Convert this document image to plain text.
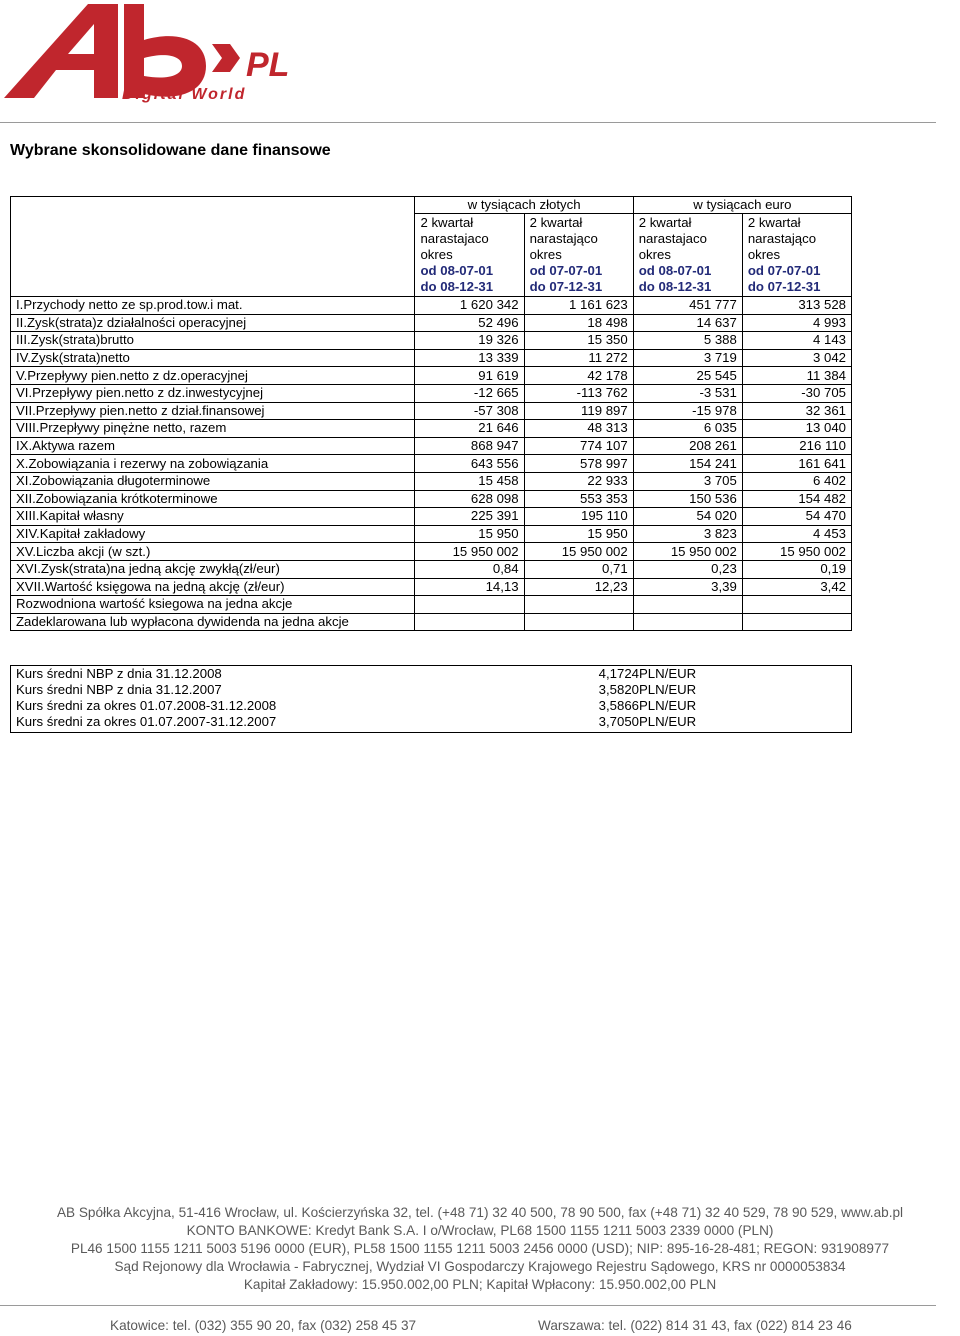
PL
Digital World
Wybrane skonsolidowane dane finansowe
	w tysiącach złotych		w tysiącach euro	

	2 kwartał
narastajaco
okres
od 08-07-01
do 08-12-31	2 kwartał
narastająco
okres
od 07-07-01
do 07-12-31	2 kwartał
narastajaco
okres
od 08-07-01
do 08-12-31	2 kwartał
narastająco
okres
od 07-07-01
do 07-12-31

I.Przychody netto ze sp.prod.tow.i mat.	1 620 342	1 161 623	451 777	313 528
II.Zysk(strata)z działalności operacyjnej	52 496	18 498	14 637	4 993
III.Zysk(strata)brutto	19 326	15 350	5 388	4 143
IV.Zysk(strata)netto	13 339	11 272	3 719	3 042
V.Przepływy pien.netto z dz.operacyjnej	91 619	42 178	25 545	11 384
VI.Przepływy pien.netto z dz.inwestycyjnej	-12 665	-113 762	-3 531	-30 705
VII.Przepływy pien.netto z dział.finansowej	-57 308	119 897	-15 978	32 361
VIII.Przepływy pinężne netto, razem	21 646	48 313	6 035	13 040
IX.Aktywa razem	868 947	774 107	208 261	216 110
X.Zobowiązania i rezerwy na zobowiązania	643 556	578 997	154 241	161 641
XI.Zobowiązania długoterminowe	15 458	22 933	3 705	6 402
XII.Zobowiązania krótkoterminowe	628 098	553 353	150 536	154 482
XIII.Kapitał własny	225 391	195 110	54 020	54 470
XIV.Kapitał zakładowy	15 950	15 950	3 823	4 453
XV.Liczba akcji (w szt.)	15 950 002	15 950 002	15 950 002	15 950 002
XVI.Zysk(strata)na jedną akcję zwykłą(zł/eur)	0,84	0,71	0,23	0,19
XVII.Wartość księgowa na jedną akcję (zł/eur)	14,13	12,23	3,39	3,42
Rozwodniona wartość ksiegowa na jedna akcje				
Zadeklarowana lub wypłacona dywidenda na jedna akcje				
Kurs średni NBP z dnia 31.12.2008	4,1724 PLN/EUR
Kurs średni NBP z dnia 31.12.2007	3,5820 PLN/EUR
Kurs średni za okres 01.07.2008-31.12.2008	3,5866 PLN/EUR
Kurs średni za okres 01.07.2007-31.12.2007	3,7050 PLN/EUR
AB Spółka Akcyjna, 51-416 Wrocław, ul. Kościerzyńska 32, tel. (+48 71) 32 40 500, 78 90 500, fax (+48 71) 32 40 529, 78 90 529, www.ab.pl
KONTO BANKOWE: Kredyt Bank S.A. I o/Wrocław, PL68 1500 1155 1211 5003 2339 0000 (PLN)
PL46 1500 1155 1211 5003 5196 0000 (EUR), PL58 1500 1155 1211 5003 2456 0000 (USD); NIP: 895-16-28-481; REGON: 931908977
Sąd Rejonowy dla Wrocławia - Fabrycznej, Wydział VI Gospodarczy Krajowego Rejestru Sądowego, KRS nr 0000053834
Kapitał Zakładowy: 15.950.002,00 PLN; Kapitał Wpłacony: 15.950.002,00 PLN
Katowice: tel. (032) 355 90 20, fax (032) 258 45 37	Warszawa: tel. (022) 814 31 43, fax (022) 814 23 46
